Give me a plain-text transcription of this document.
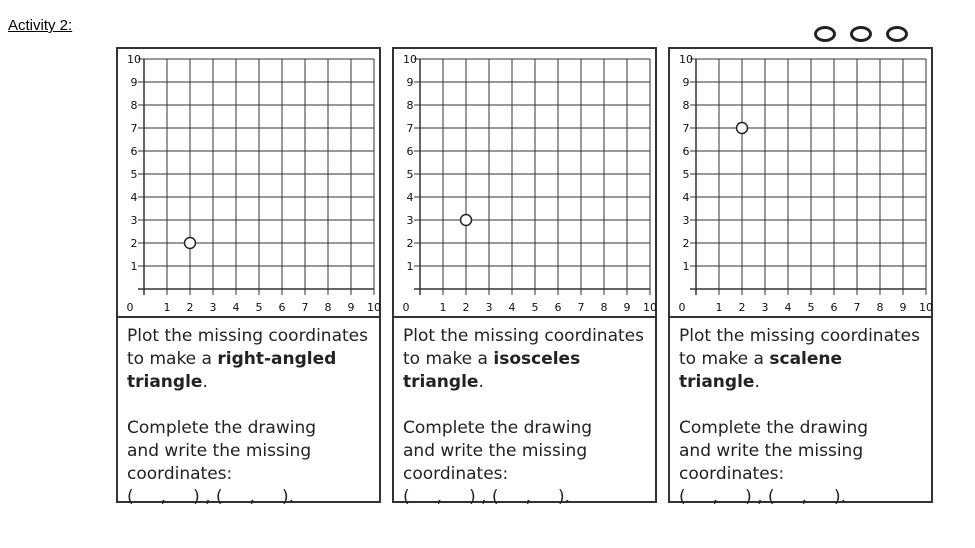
Activity 2:
0	1 2 3 4 5 6 7 8 9 10
1
2
3
4
5
6
7
8
9
10

Plot the missing coordinates to make a right-angled triangle.

Complete the drawing

and write the missing

coordinates:

(     ,     ) , (     ,     ).

0	1 2 3 4 5 6 7 8 9 10
1
2
3
4
5
6
7
8
9
10

Plot the missing coordinates to make a isosceles triangle.

Complete the drawing

and write the missing

coordinates:

(     ,     ) , (     ,     ).

0	1 2 3 4 5 6 7 8 9 10
1
2
3
4
5
6
7
8
9
10

Plot the missing coordinates to make a scalene triangle.

Complete the drawing

and write the missing

coordinates:

(     ,     ) , (     ,     ).
